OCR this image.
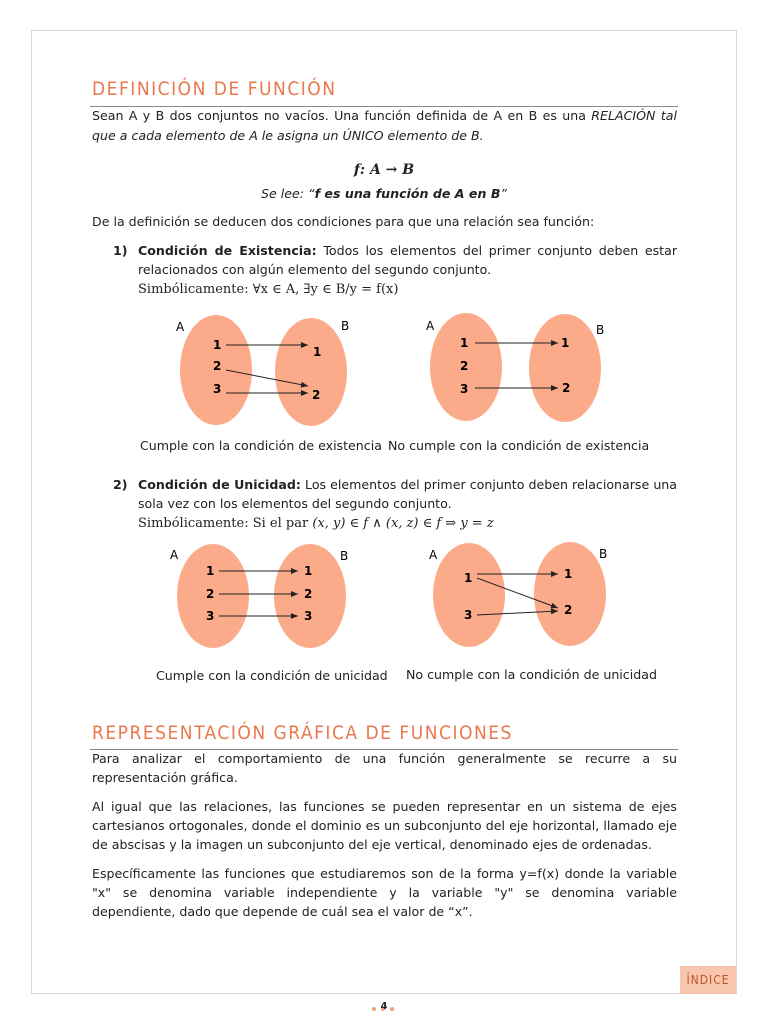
DEFINICIÓN DE FUNCIÓN

Sean A y B dos conjuntos no vacíos. Una función definida de A en B es una RELACIÓN tal que a cada elemento de A le asigna un ÚNICO elemento de B.

f: A → B

Se lee: “f es una función de A en B”

De la definición se deducen dos condiciones para que una relación sea función:

1) Condición de Existencia: Todos los elementos del primer conjunto deben estar relacionados con algún elemento del segundo conjunto.
Simbólicamente: ∀x ∈ A, ∃y ∈ B/y = f(x)
A	B
1
2
3
1
2
A	B
1
2
3
1
2

Cumple con la condición de existencia No cumple con la condición de existencia

2) Condición de Unicidad: Los elementos del primer conjunto deben relacionarse una sola vez con los elementos del segundo conjunto.
Simbólicamente: Si el par (x, y) ∈ f ∧ (x, z) ∈ f ⇒ y = z
A	B
1
2
3
1
2
3
A	B
1
3
1
2

Cumple con la condición de unicidad No cumple con la condición de unicidad

REPRESENTACIÓN GRÁFICA DE FUNCIONES

Para analizar el comportamiento de una función generalmente se recurre a su representación gráfica.

Al igual que las relaciones, las funciones se pueden representar en un sistema de ejes cartesianos ortogonales, donde el dominio es un subconjunto del eje horizontal, llamado eje de abscisas y la imagen un subconjunto del eje vertical, denominado ejes de ordenadas.

Específicamente las funciones que estudiaremos son de la forma y=f(x) donde la variable "x" se denomina variable independiente y la variable "y" se denomina variable dependiente, dado que depende de cuál sea el valor de “x”.

ÍNDICE
4
